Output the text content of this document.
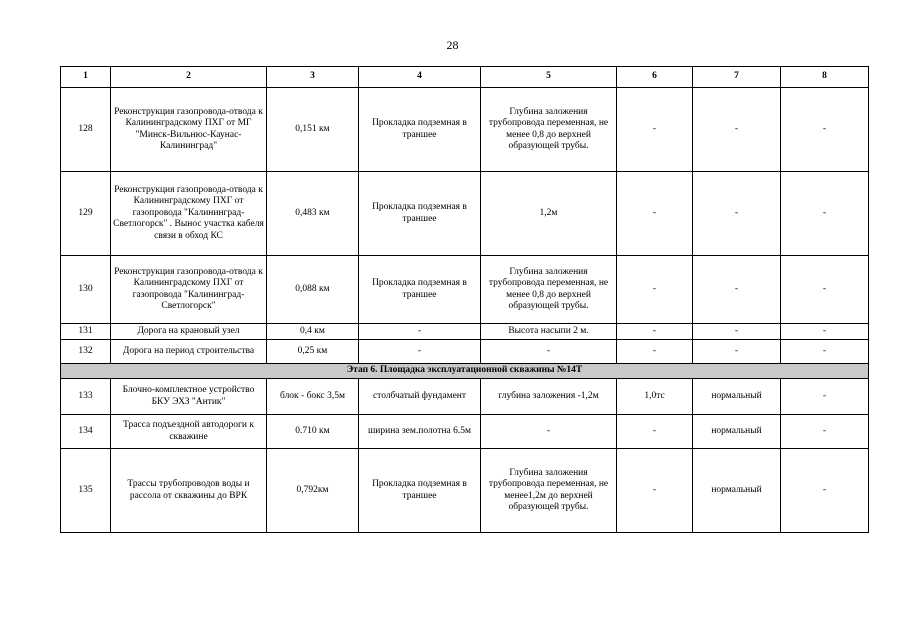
28
1	2	3	4	5	6	7	8
128	Реконструкция газопровода-отвода к Калининградскому ПХГ от МГ "Минск-Вильнюс-Каунас-Калининград"	0,151 км	Прокладка подземная в траншее	Глубина заложения трубопровода переменная, не менее 0,8 до верхней образующей трубы.	-	-	-
129	Реконструкция газопровода-отвода к Калининградскому ПХГ от газопровода "Калининград-Светлогорск" . Вынос участка кабеля связи в обход КС	0,483 км	Прокладка подземная в траншее	1,2м	-	-	-
130	Реконструкция газопровода-отвода к Калининградскому ПХГ от газопровода "Калининград-Светлогорск"	0,088 км	Прокладка подземная в траншее	Глубина заложения трубопровода переменная, не менее 0,8 до верхней образующей трубы.	-	-	-
131	Дорога на крановый узел	0,4 км	-	Высота насыпи 2 м.	-	-	-
132	Дорога на период строительства	0,25 км	-	-	-	-	-
Этап 6. Площадка эксплуатационной скважины №14Т							
133	Блочно-комплектное устройство БКУ ЭХЗ "Антик"	блок - бокс 3,5м	столбчатый фундамент	глубина заложения -1,2м	1,0тс	нормальный	-
134	Трасса подъездной автодороги к скважине	0.710 км	ширина зем.полотна 6.5м	-	-	нормальный	-
135	Трассы трубопроводов воды и рассола от скважины до ВРК	0,792км	Прокладка подземная в траншее	Глубина заложения трубопровода переменная, не менее1,2м до верхней образующей трубы.	-	нормальный	-
